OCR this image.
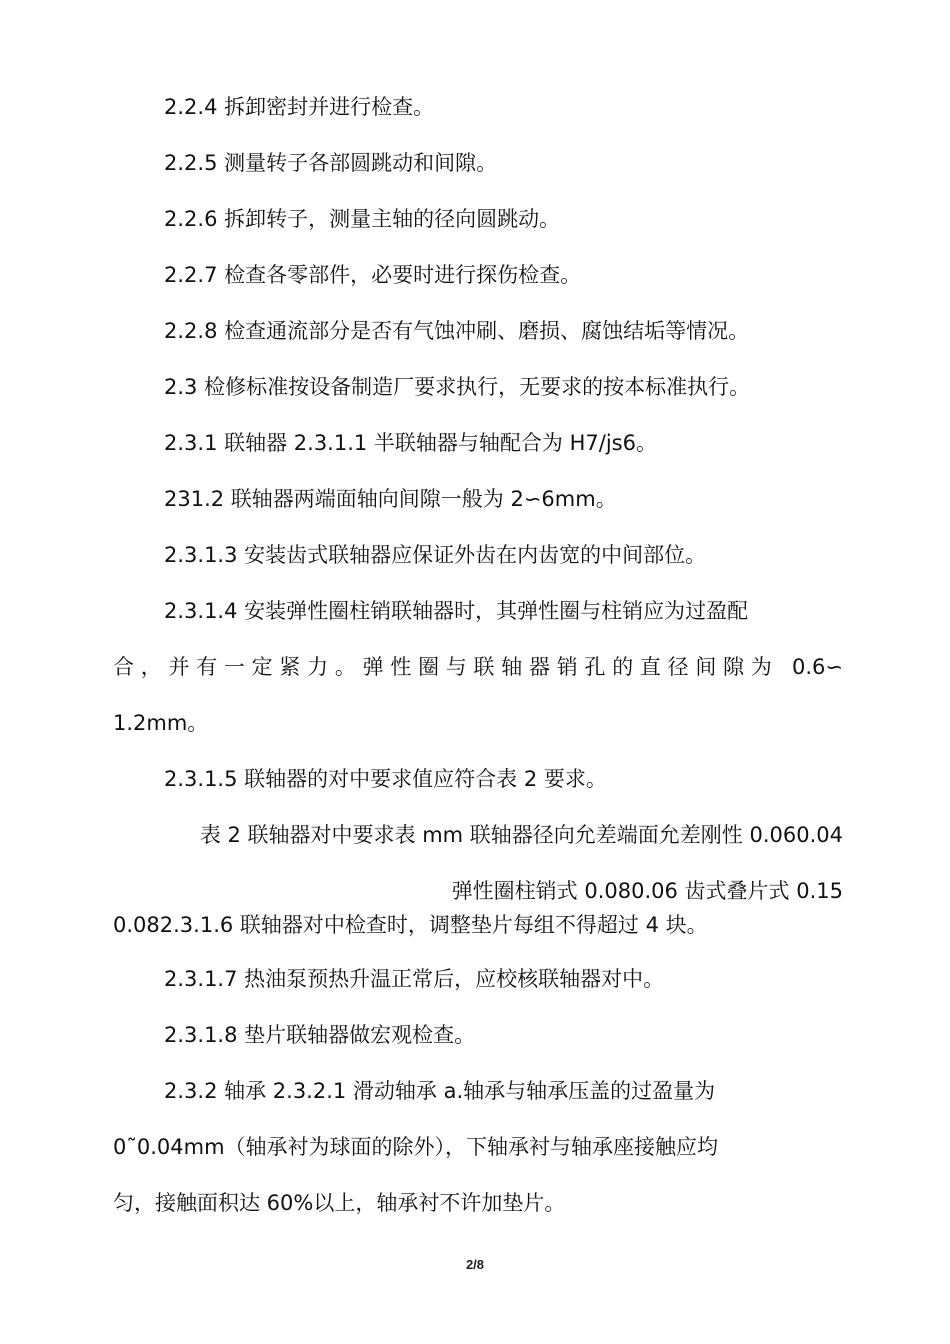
2.2.4 拆卸密封并进行检查。
2.2.5 测量转子各部圆跳动和间隙。
2.2.6 拆卸转子，测量主轴的径向圆跳动。
2.2.7 检查各零部件，必要时进行探伤检查。
2.2.8 检查通流部分是否有气蚀冲刷、磨损、腐蚀结垢等情况。
2.3 检修标准按设备制造厂要求执行，无要求的按本标准执行。
2.3.1 联轴器 2.3.1.1 半联轴器与轴配合为 H7/js6。
231.2 联轴器两端面轴向间隙一般为 2∽6mm。
2.3.1.3 安装齿式联轴器应保证外齿在内齿宽的中间部位。
2.3.1.4 安装弹性圈柱销联轴器时，其弹性圈与柱销应为过盈配
合，并有一定紧力。弹性圈与联轴器销孔的直径间隙为 0.6∽
1.2mm。
2.3.1.5 联轴器的对中要求值应符合表 2 要求。
表 2 联轴器对中要求表 mm 联轴器径向允差端面允差刚性 0.060.04
弹性圈柱销式 0.080.06 齿式叠片式 0.15
0.082.3.1.6 联轴器对中检查时，调整垫片每组不得超过 4 块。
2.3.1.7 热油泵预热升温正常后，应校核联轴器对中。
2.3.1.8 垫片联轴器做宏观检查。
2.3.2 轴承 2.3.2.1 滑动轴承 a.轴承与轴承压盖的过盈量为
0˜0.04mm（轴承衬为球面的除外），下轴承衬与轴承座接触应均
匀，接触面积达 60%以上，轴承衬不许加垫片。
2/8
